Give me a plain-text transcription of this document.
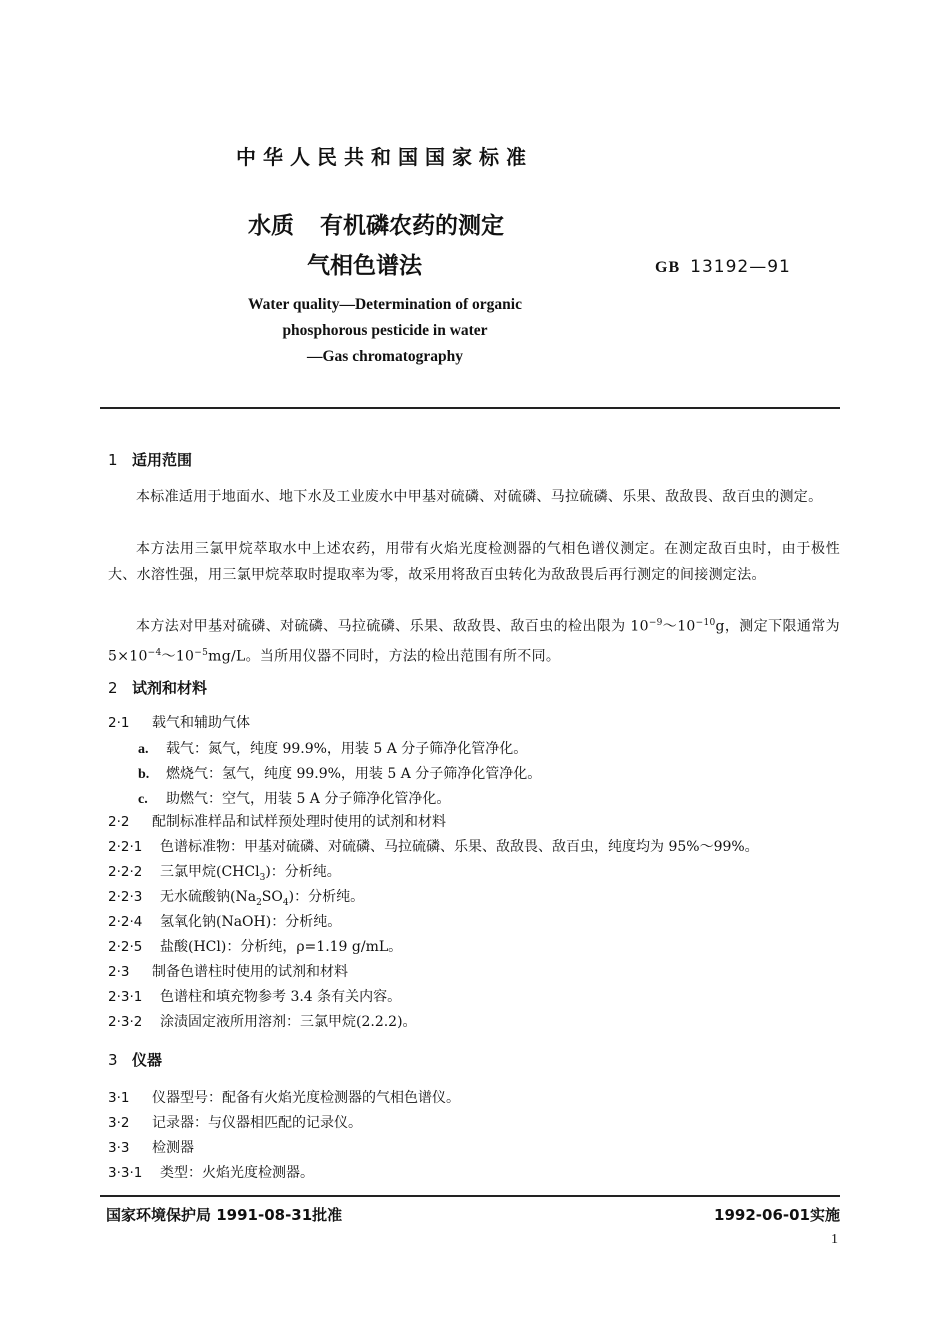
中华人民共和国国家标准
水质 有机磷农药的测定
气相色谱法	GB 13192—91
Water quality—Determination of organic
phosphorous pesticide in water
—Gas chromatography
1 适用范围
本标准适用于地面水、地下水及工业废水中甲基对硫磷、对硫磷、马拉硫磷、乐果、敌敌畏、敌百虫的测定。
本方法用三氯甲烷萃取水中上述农药，用带有火焰光度检测器的气相色谱仪测定。在测定敌百虫时，由于极性大、水溶性强，用三氯甲烷萃取时提取率为零，故采用将敌百虫转化为敌敌畏后再行测定的间接测定法。
本方法对甲基对硫磷、对硫磷、马拉硫磷、乐果、敌敌畏、敌百虫的检出限为 $10^{-9}\sim 10^{-10}g$，测定下限通常为 $5\times 10^{-4}\sim 10^{-5}mg/L$。当所用仪器不同时，方法的检出范围有所不同。
2 试剂和材料
2·1 载气和辅助气体
a. 载气：氮气，纯度 99.9%，用装 5 A 分子筛净化管净化。
b. 燃烧气：氢气，纯度 99.9%，用装 5 A 分子筛净化管净化。
c. 助燃气：空气，用装 5 A 分子筛净化管净化。
2·2 配制标准样品和试样预处理时使用的试剂和材料
2·2·1 色谱标准物：甲基对硫磷、对硫磷、马拉硫磷、乐果、敌敌畏、敌百虫，纯度均为 95%～99%。
2·2·2 三氯甲烷(CHCl$_3$)：分析纯。
2·2·3 无水硫酸钠$(Na_2SO_4)$：分析纯。
2·2·4 氢氧化钠(NaOH)：分析纯。
2·2·5 盐酸(HCl)：分析纯，ρ=1.19 g/mL。
2·3 制备色谱柱时使用的试剂和材料
2·3·1 色谱柱和填充物参考 3.4 条有关内容。
2·3·2 涂渍固定液所用溶剂：三氯甲烷(2.2.2)。
3 仪器
3·1 仪器型号：配备有火焰光度检测器的气相色谱仪。
3·2 记录器：与仪器相匹配的记录仪。
3·3 检测器
3·3·1 类型：火焰光度检测器。
国家环境保护局 1991-08-31批准	1992-06-01实施
1
